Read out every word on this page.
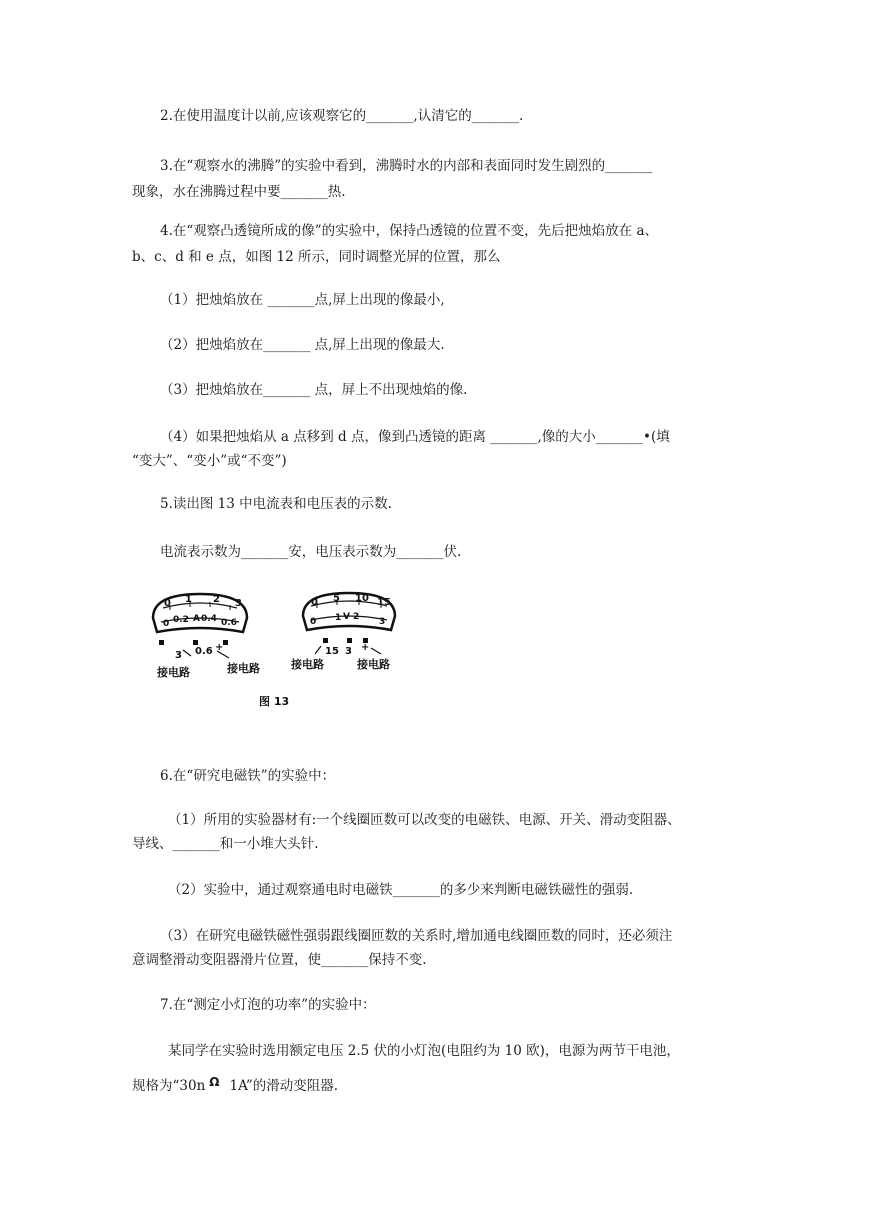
2.在使用温度计以前,应该观察它的_______,认清它的_______.

3.在“观察水的沸腾”的实验中看到，沸腾时水的内部和表面同时发生剧烈的_______

现象，水在沸腾过程中要_______热.

4.在“观察凸透镜所成的像”的实验中，保持凸透镜的位置不变，先后把烛焰放在 a、

b、c、d 和 e 点，如图 12 所示，同时调整光屏的位置，那么

（1）把烛焰放在 _______点,屏上出现的像最小,

（2）把烛焰放在_______ 点,屏上出现的像最大.

（3）把烛焰放在_______ 点，屏上不出现烛焰的像.

（4）如果把烛焰从 a 点移到 d 点，像到凸透镜的距离 _______,像的大小_______•(填

“变大”、“变小”或“不变”)

5.读出图 13 中电流表和电压表的示数.

电流表示数为_______安，电压表示数为_______伏.

0 1 2 3
0 0.2 A 0.4 0.6
3 0.6 +
接电路	接电路
0 5 10 15
0 1 V 2 3
15 3 +
接电路	接电路
图 13

6.在“研究电磁铁”的实验中：

（1）所用的实验器材有:一个线圈匝数可以改变的电磁铁、电源、开关、滑动变阻器、

导线、_______和一小堆大头针.

（2）实验中，通过观察通电时电磁铁_______的多少来判断电磁铁磁性的强弱.

（3）在研究电磁铁磁性强弱跟线圈匝数的关系时,增加通电线圈匝数的同时，还必须注

意调整滑动变阻器滑片位置，使_______保持不变.

7.在“测定小灯泡的功率”的实验中：

某同学在实验时选用额定电压 2.5 伏的小灯泡(电阻约为 10 欧)，电源为两节干电池，

规格为“30n Ω 1A”的滑动变阻器.
